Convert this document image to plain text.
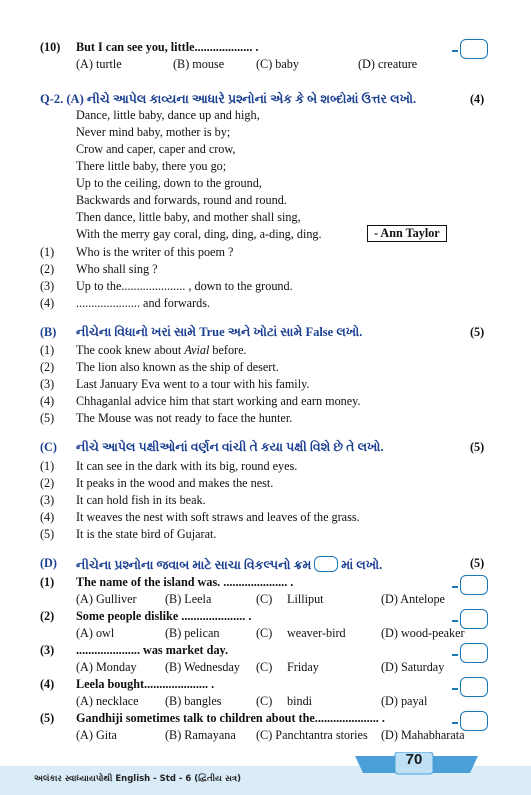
(10) But I can see you, little................... .
(A) turtle	(B) mouse	(C) baby	(D) creature
Q-2. (A) નીચે આપેલ કાવ્યના આધારે પ્રશ્નોનાં એક કે બે શબ્દોમાં ઉત્તર લખો.	(4)
Dance, little baby, dance up and high,
Never mind baby, mother is by;
Crow and caper, caper and crow,
There little baby, there you go;
Up to the ceiling, down to the ground,
Backwards and forwards, round and round.
Then dance, little baby, and mother shall sing,
With the merry gay coral, ding, ding, a-ding, ding.	- Ann Taylor
(1) Who is the writer of this poem ?
(2) Who shall sing ?
(3) Up to the..................... , down to the ground.
(4) ..................... and forwards.
(B) નીચેના વિધાનો ખરાં સામે True અને ખોટાં સામે False લખો.	(5)
(1) The cook knew about Avial before.
(2) The lion also known as the ship of desert.
(3) Last January Eva went to a tour with his family.
(4) Chhaganlal advice him that start working and earn money.
(5) The Mouse was not ready to face the hunter.
(C) નીચે આપેલ પક્ષીઓનાં વર્ણન વાંચી તે કયા પક્ષી વિશે છે તે લખો.	(5)
(1) It can see in the dark with its big, round eyes.
(2) It peaks in the wood and makes the nest.
(3) It can hold fish in its beak.
(4) It weaves the nest with soft straws and leaves of the grass.
(5) It is the state bird of Gujarat.
(D) નીચેના પ્રશ્નોના જવાબ માટે સાચા વિકલ્પનો ક્રમ માં લખો.	(5)
(1) The name of the island was. ..................... .
(A) Gulliver (B) Leela	(C) Lilliput	(D) Antelope
(2) Some people dislike ..................... .
(A) owl	(B) pelican	(C) weaver-bird	(D) wood-peaker
(3) ..................... was market day.
(A) Monday (B) Wednesday (C) Friday	(D) Saturday
(4) Leela bought..................... .
(A) necklace (B) bangles	(C) bindi	(D) payal
(5) Gandhiji sometimes talk to children about the..................... .
(A) Gita	(B) Ramayana (C) Panchtantra stories (D) Mahabharata
70
અલંકાર સ્વાધ્યાયપોથી English - Std - 6 (દ્વિતીય સત્ર)
